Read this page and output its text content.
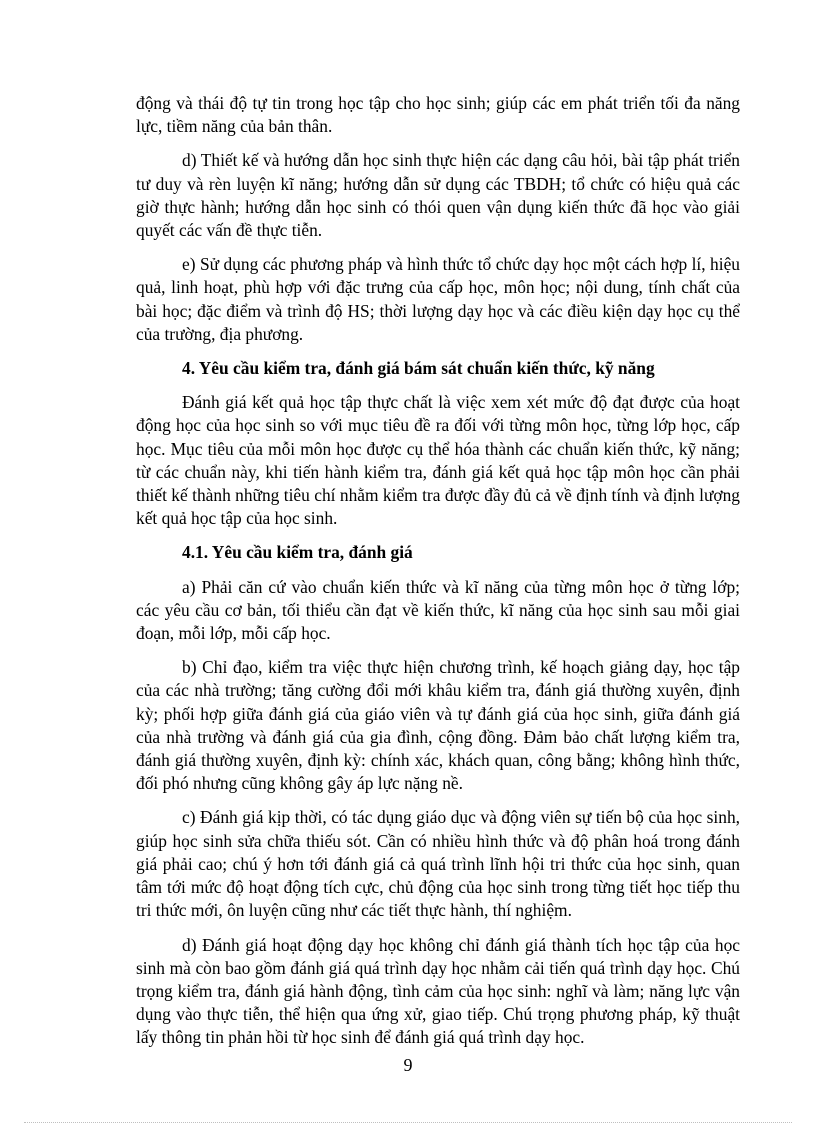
động và thái độ tự tin trong học tập cho học sinh; giúp các em phát triển tối đa năng lực, tiềm năng của bản thân.

d) Thiết kế và hướng dẫn học sinh thực hiện các dạng câu hỏi, bài tập phát triển tư duy và rèn luyện kĩ năng; hướng dẫn sử dụng các TBDH; tổ chức có hiệu quả các giờ thực hành; hướng dẫn học sinh có thói quen vận dụng kiến thức đã học vào giải quyết các vấn đề thực tiễn.

e) Sử dụng các phương pháp và hình thức tổ chức dạy học một cách hợp lí, hiệu quả, linh hoạt, phù hợp với đặc trưng của cấp học, môn học; nội dung, tính chất của bài học; đặc điểm và trình độ HS; thời lượng dạy học và các điều kiện dạy học cụ thể của trường, địa phương.

4. Yêu cầu kiểm tra, đánh giá bám sát chuẩn kiến thức, kỹ năng

Đánh giá kết quả học tập thực chất là việc xem xét mức độ đạt được của hoạt động học của học sinh so với mục tiêu đề ra đối với từng môn học, từng lớp học, cấp học. Mục tiêu của mỗi môn học được cụ thể hóa thành các chuẩn kiến thức, kỹ năng; từ các chuẩn này, khi tiến hành kiểm tra, đánh giá kết quả học tập môn học cần phải thiết kế thành những tiêu chí nhằm kiểm tra được đầy đủ cả về định tính và định lượng kết quả học tập của học sinh.

4.1. Yêu cầu kiểm tra, đánh giá

a) Phải căn cứ vào chuẩn kiến thức và kĩ năng của từng môn học ở từng lớp; các yêu cầu cơ bản, tối thiểu cần đạt về kiến thức, kĩ năng của học sinh sau mỗi giai đoạn, mỗi lớp, mỗi cấp học.

b) Chỉ đạo, kiểm tra việc thực hiện chương trình, kế hoạch giảng dạy, học tập của các nhà trường; tăng cường đổi mới khâu kiểm tra, đánh giá thường xuyên, định kỳ; phối hợp giữa đánh giá của giáo viên và tự đánh giá của học sinh, giữa đánh giá của nhà trường và đánh giá của gia đình, cộng đồng. Đảm bảo chất lượng kiểm tra, đánh giá thường xuyên, định kỳ: chính xác, khách quan, công bằng; không hình thức, đối phó nhưng cũng không gây áp lực nặng nề.

c) Đánh giá kịp thời, có tác dụng giáo dục và động viên sự tiến bộ của học sinh, giúp học sinh sửa chữa thiếu sót. Cần có nhiều hình thức và độ phân hoá trong đánh giá phải cao; chú ý hơn tới đánh giá cả quá trình lĩnh hội tri thức của học sinh, quan tâm tới mức độ hoạt động tích cực, chủ động của học sinh trong từng tiết học tiếp thu tri thức mới, ôn luyện cũng như các tiết thực hành, thí nghiệm.

d) Đánh giá hoạt động dạy học không chỉ đánh giá thành tích học tập của học sinh mà còn bao gồm đánh giá quá trình dạy học nhằm cải tiến quá trình dạy học. Chú trọng kiểm tra, đánh giá hành động, tình cảm của học sinh: nghĩ và làm; năng lực vận dụng vào thực tiễn, thể hiện qua ứng xử, giao tiếp. Chú trọng phương pháp, kỹ thuật lấy thông tin phản hồi từ học sinh để đánh giá quá trình dạy học.

9
